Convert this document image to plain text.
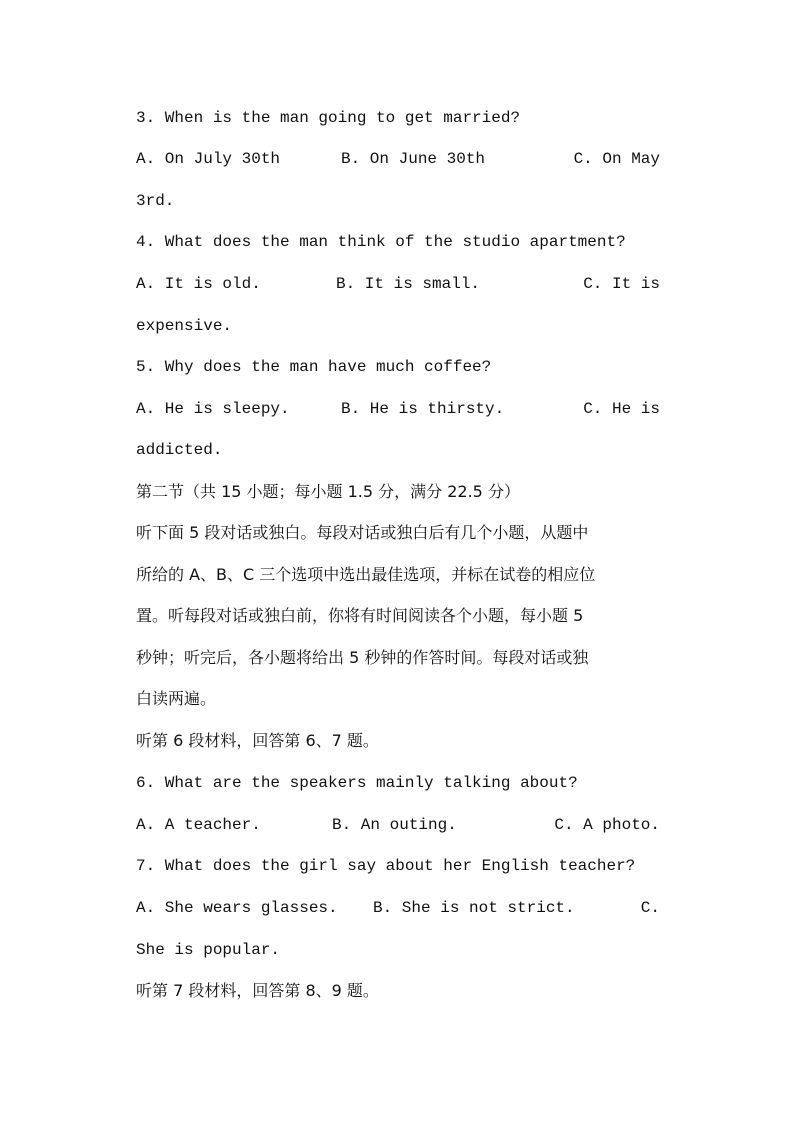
3. When is the man going to get married?

A. On July 30th

	B. On June 30th

	C. On May

3rd.
4. What does the man think of the studio apartment?

A. It is old.

	B. It is small.

	C. It is

expensive.
5. Why does the man have much coffee?

A. He is sleepy.

	B. He is thirsty.

	C. He is

addicted.
第二节（共 15 小题；每小题 1.5 分，满分 22.5 分）
听下面 5 段对话或独白。每段对话或独白后有几个小题，从题中
所给的 A、B、C 三个选项中选出最佳选项，并标在试卷的相应位
置。听每段对话或独白前，你将有时间阅读各个小题，每小题 5
秒钟；听完后，各小题将给出 5 秒钟的作答时间。每段对话或独
白读两遍。
听第 6 段材料，回答第 6、7 题。
6. What are the speakers mainly talking about?

A. A teacher.

	B. An outing.

	C. A photo.

7. What does the girl say about her English teacher?

A. She wears glasses.

B. She is not strict.

	C.

She is popular.
听第 7 段材料，回答第 8、9 题。
